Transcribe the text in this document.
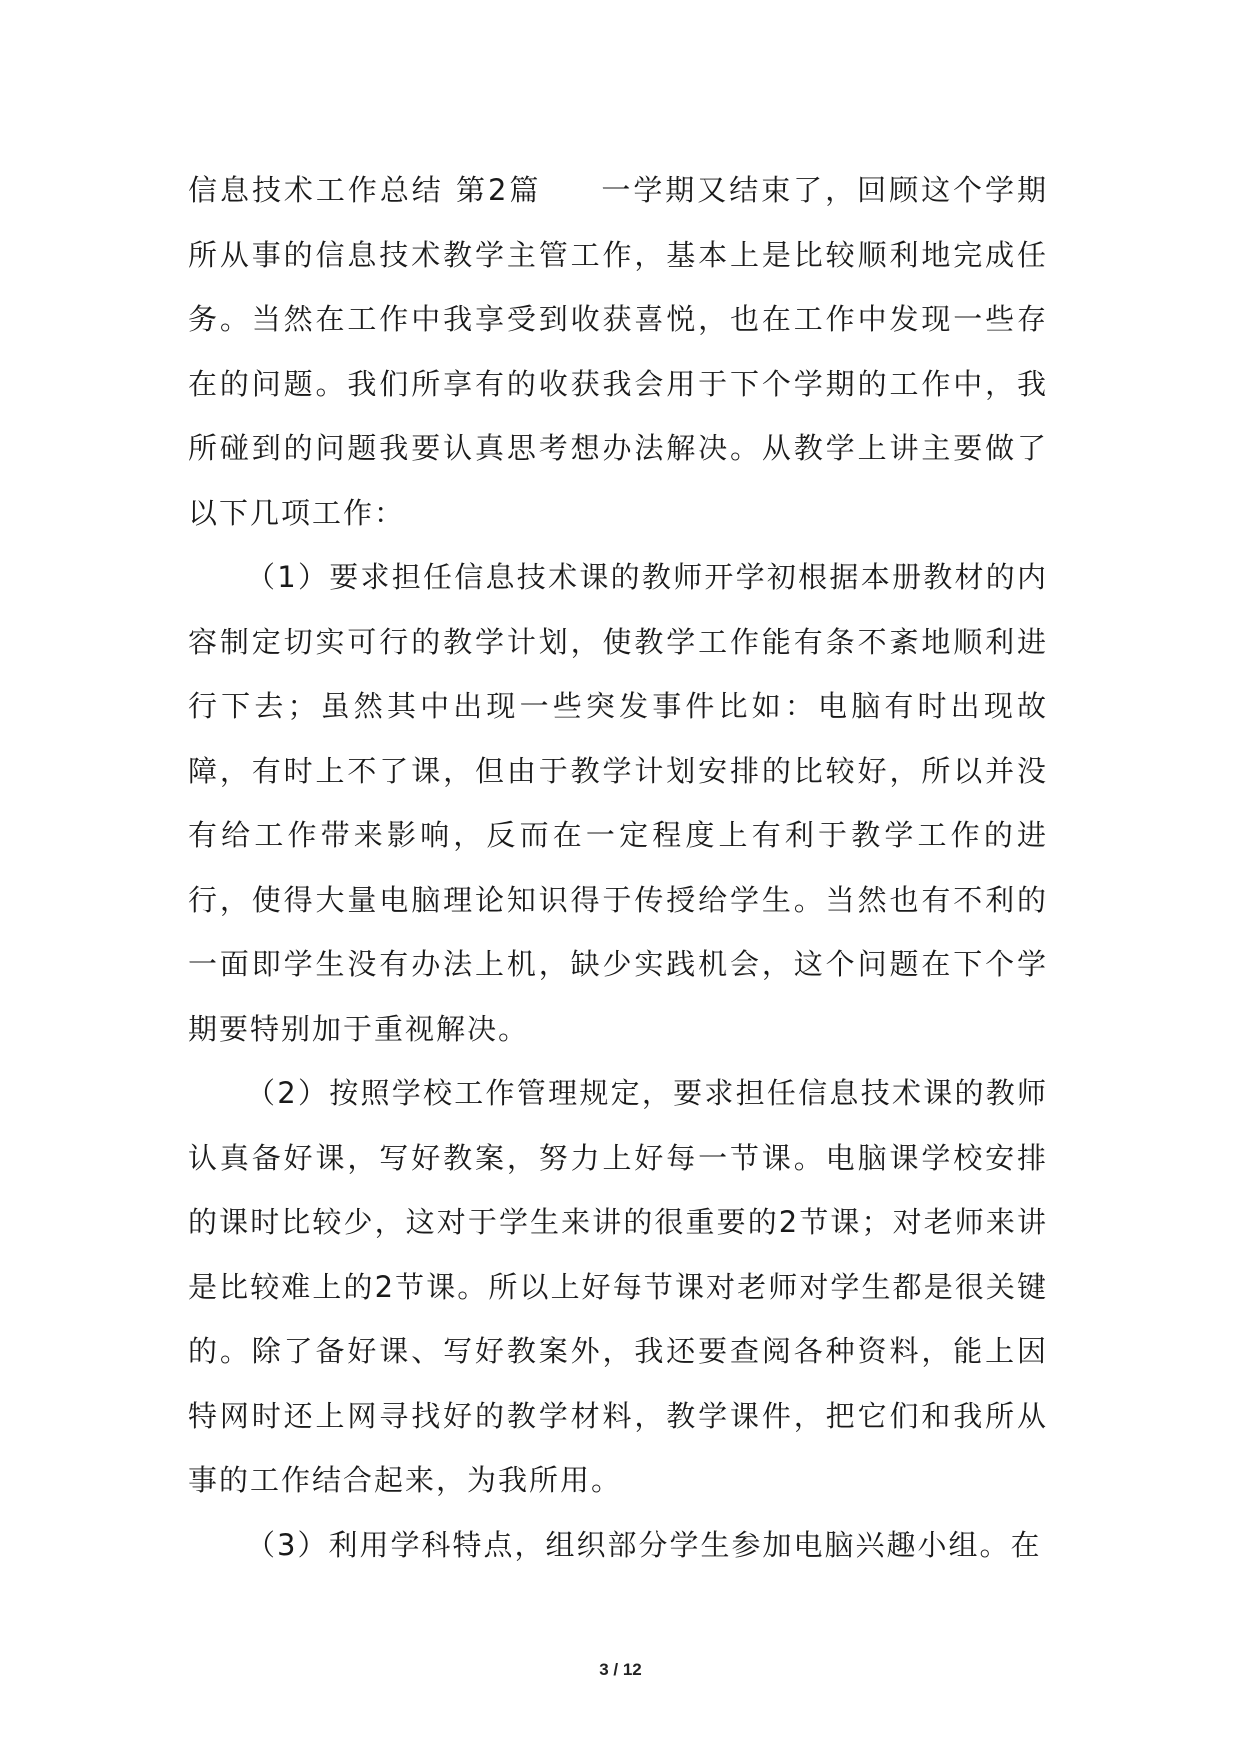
信息技术工作总结 第2篇 一学期又结束了，回顾这个学期所从事的信息技术教学主管工作，基本上是比较顺利地完成任务。当然在工作中我享受到收获喜悦，也在工作中发现一些存在的问题。我们所享有的收获我会用于下个学期的工作中，我所碰到的问题我要认真思考想办法解决。从教学上讲主要做了以下几项工作：

（1）要求担任信息技术课的教师开学初根据本册教材的内容制定切实可行的教学计划，使教学工作能有条不紊地顺利进行下去；虽然其中出现一些突发事件比如：电脑有时出现故障，有时上不了课，但由于教学计划安排的比较好，所以并没有给工作带来影响，反而在一定程度上有利于教学工作的进行，使得大量电脑理论知识得于传授给学生。当然也有不利的一面即学生没有办法上机，缺少实践机会，这个问题在下个学期要特别加于重视解决。

（2）按照学校工作管理规定，要求担任信息技术课的教师认真备好课，写好教案，努力上好每一节课。电脑课学校安排的课时比较少，这对于学生来讲的很重要的2节课；对老师来讲是比较难上的2节课。所以上好每节课对老师对学生都是很关键的。除了备好课、写好教案外，我还要查阅各种资料，能上因特网时还上网寻找好的教学材料，教学课件，把它们和我所从事的工作结合起来，为我所用。

（3）利用学科特点，组织部分学生参加电脑兴趣小组。在

3 / 12
